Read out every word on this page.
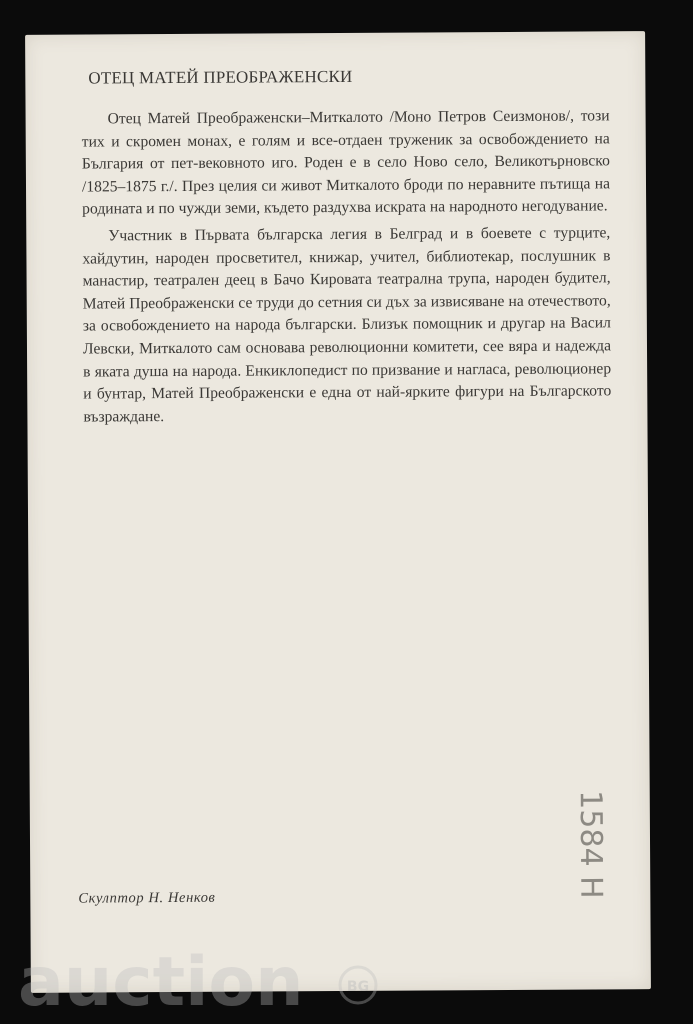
ОТЕЦ МАТЕЙ ПРЕОБРАЖЕНСКИ

Отец Матей Преображенски–Миткалото /Моно Петров Сеизмонов/, този тих и скромен монах, е голям и все-отдаен труженик за освобождението на България от пет-вековното иго. Роден е в село Ново село, Великотърновско /1825–1875 г./. През целия си живот Миткалото броди по неравните пътища на родината и по чужди земи, където раздухва искрата на народното негодувание.

Участник в Първата българска легия в Белград и в боевете с турците, хайдутин, народен просветител, книжар, учител, библиотекар, послушник в манастир, театрален деец в Бачо Кировата театрална трупа, народен будител, Матей Преображенски се труди до сетния си дъх за извисяване на отечеството, за освобождението на народа български. Близък помощник и другар на Васил Левски, Миткалото сам основава революционни комитети, сее вяра и надежда в яката душа на народа. Енкиклопедист по призвание и нагласа, революционер и бунтар, Матей Преображенски е една от най-ярките фигури на Българското възраждане.

Скулптор Н. Ненков	1584 Н
auction	BG
